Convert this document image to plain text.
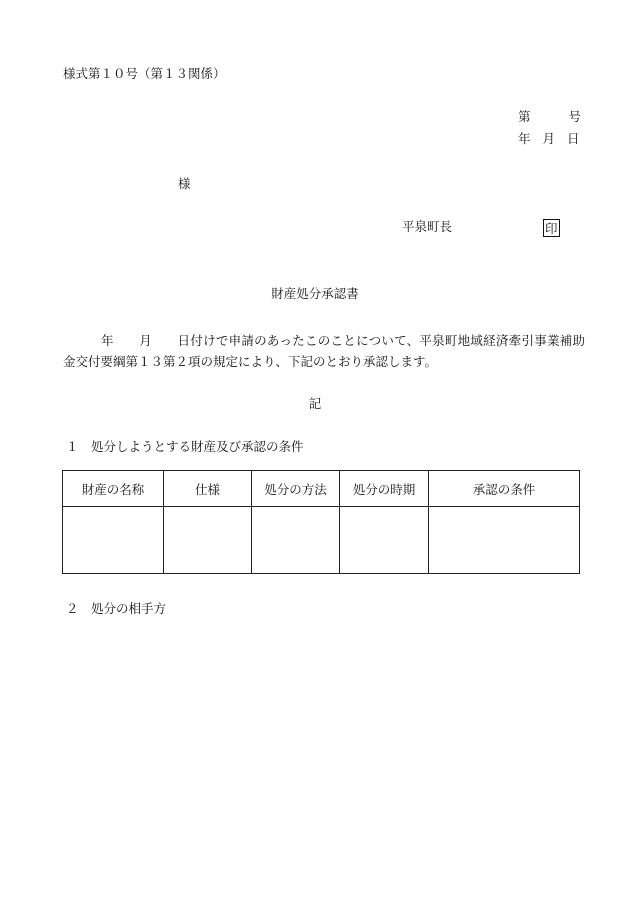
様式第１０号（第１３関係）
第	号
年 月 日
様
平泉町長	印
財産処分承認書
年　　月　　日付けで申請のあったこのことについて、平泉町地域経済牽引事業補助金交付要綱第１３第２項の規定により、下記のとおり承認します。
記
１　処分しようとする財産及び承認の条件
財産の名称	仕様	処分の方法	処分の時期	承認の条件

２　処分の相手方
